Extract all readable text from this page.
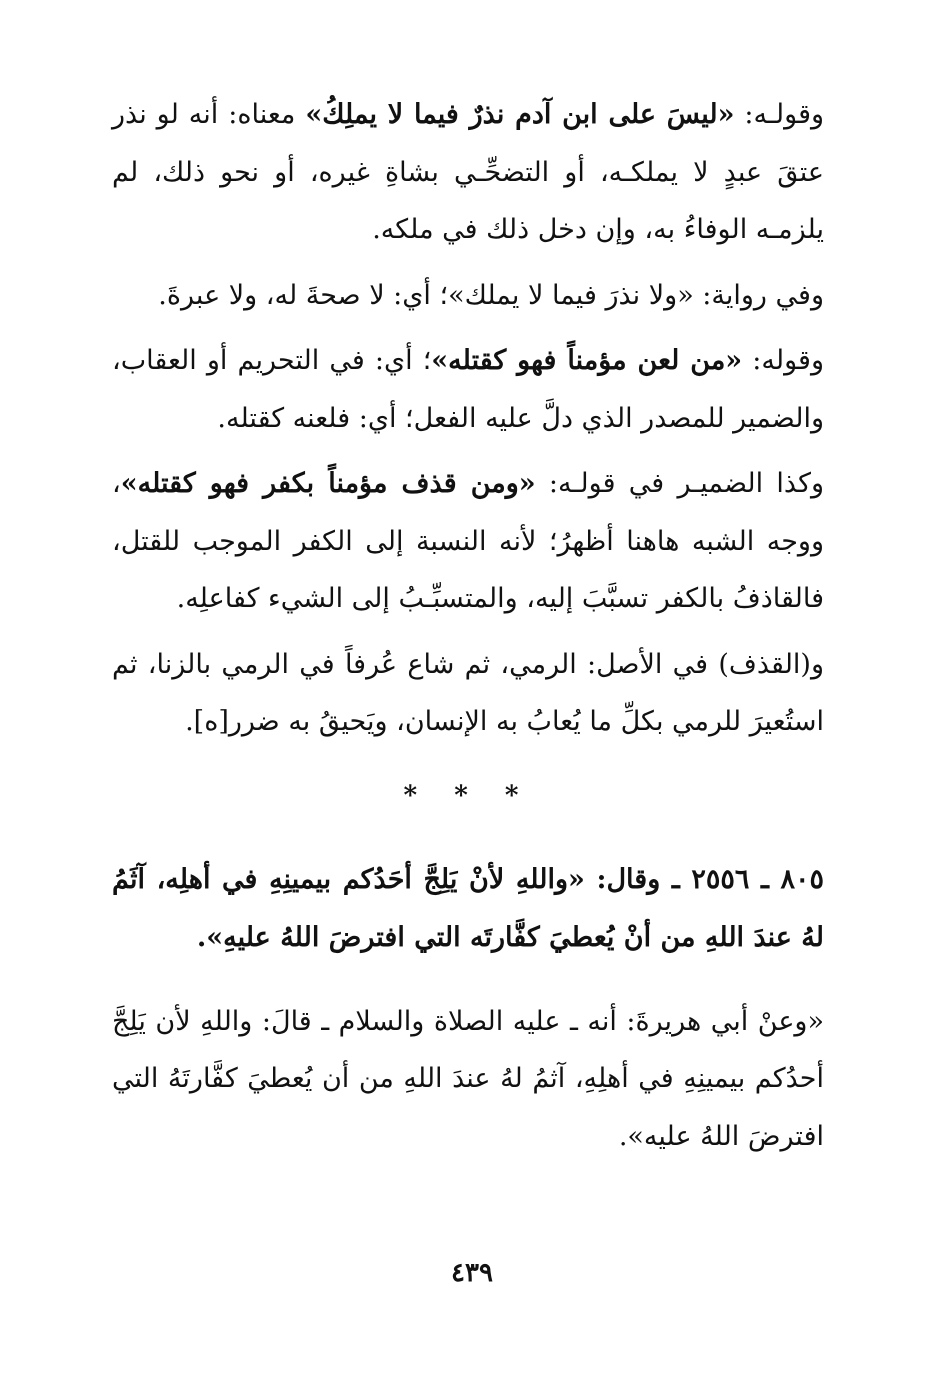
وقولـه: «ليسَ على ابن آدم نذرٌ فيما لا يملِكُ» معناه: أنه لو نذر عتقَ عبدٍ لا يملكـه، أو التضحِّـي بشاةِ غيره، أو نحو ذلك، لم يلزمـه الوفاءُ به، وإن دخل ذلك في ملكه.

وفي رواية: «ولا نذرَ فيما لا يملك»؛ أي: لا صحةَ له، ولا عبرةَ.

وقوله: «من لعن مؤمناً فهو كقتله»؛ أي: في التحريم أو العقاب، والضمير للمصدر الذي دلَّ عليه الفعل؛ أي: فلعنه كقتله.

وكذا الضميـر في قولـه: «ومن قذف مؤمناً بكفر فهو كقتله»، ووجه الشبه هاهنا أظهرُ؛ لأنه النسبة إلى الكفر الموجب للقتل، فالقاذفُ بالكفر تسبَّبَ إليه، والمتسبِّـبُ إلى الشيء كفاعلِه.

و(القذف) في الأصل: الرمي، ثم شاع عُرفاً في الرمي بالزنا، ثم استُعيرَ للرمي بكلِّ ما يُعابُ به الإنسان، ويَحيقُ به ضرر[ه].

* * *

٨٠٥ ـ ٢٥٥٦ ـ وقال: «واللهِ لأنْ يَلِجَّ أحَدُكم بيمينِهِ في أهلِه، آثَمُ لهُ عندَ اللهِ من أنْ يُعطيَ كفَّارتَه التي افترضَ اللهُ عليهِ».

«وعنْ أبي هريرةَ: أنه ـ عليه الصلاة والسلام ـ قالَ: واللهِ لأن يَلِجَّ أحدُكم بيمينِهِ في أهلِهِ، آثمُ لهُ عندَ اللهِ من أن يُعطيَ كفَّارتَهُ التي افترضَ اللهُ عليه».

٤٣٩
